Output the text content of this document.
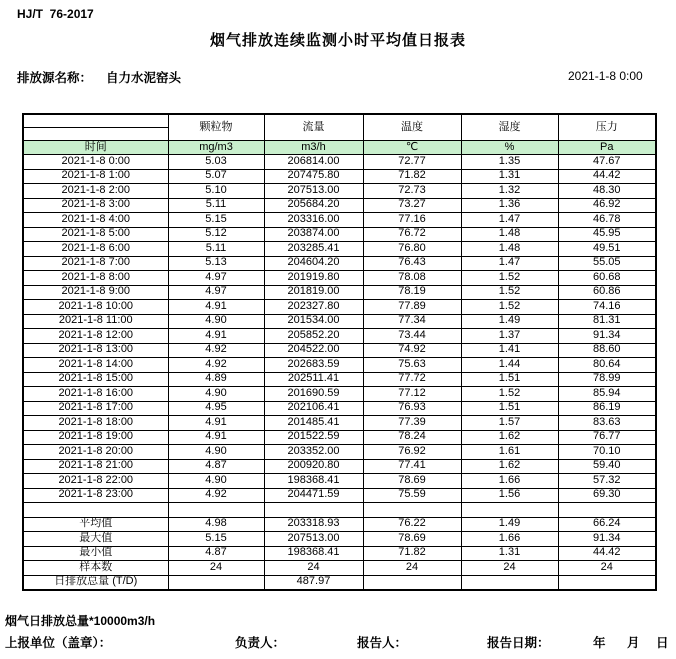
HJ/T  76-2017
烟气排放连续监测小时平均值日报表
排放源名称： 自力水泥窑头	2021-1-8 0:00
	颗粒物	流量	温度	湿度	压力

时间	mg/m3	m3/h	℃	%	Pa
2021-1-8 0:00	5.03	206814.00	72.77	1.35	47.67
2021-1-8 1:00	5.07	207475.80	71.82	1.31	44.42
2021-1-8 2:00	5.10	207513.00	72.73	1.32	48.30
2021-1-8 3:00	5.11	205684.20	73.27	1.36	46.92
2021-1-8 4:00	5.15	203316.00	77.16	1.47	46.78
2021-1-8 5:00	5.12	203874.00	76.72	1.48	45.95
2021-1-8 6:00	5.11	203285.41	76.80	1.48	49.51
2021-1-8 7:00	5.13	204604.20	76.43	1.47	55.05
2021-1-8 8:00	4.97	201919.80	78.08	1.52	60.68
2021-1-8 9:00	4.97	201819.00	78.19	1.52	60.86
2021-1-8 10:00	4.91	202327.80	77.89	1.52	74.16
2021-1-8 11:00	4.90	201534.00	77.34	1.49	81.31
2021-1-8 12:00	4.91	205852.20	73.44	1.37	91.34
2021-1-8 13:00	4.92	204522.00	74.92	1.41	88.60
2021-1-8 14:00	4.92	202683.59	75.63	1.44	80.64
2021-1-8 15:00	4.89	202511.41	77.72	1.51	78.99
2021-1-8 16:00	4.90	201690.59	77.12	1.52	85.94
2021-1-8 17:00	4.95	202106.41	76.93	1.51	86.19
2021-1-8 18:00	4.91	201485.41	77.39	1.57	83.63
2021-1-8 19:00	4.91	201522.59	78.24	1.62	76.77
2021-1-8 20:00	4.90	203352.00	76.92	1.61	70.10
2021-1-8 21:00	4.87	200920.80	77.41	1.62	59.40
2021-1-8 22:00	4.90	198368.41	78.69	1.66	57.32
2021-1-8 23:00	4.92	204471.59	75.59	1.56	69.30

平均值	4.98	203318.93	76.22	1.49	66.24
最大值	5.15	207513.00	78.69	1.66	91.34
最小值	4.87	198368.41	71.82	1.31	44.42
样本数	24	24	24	24	24
日排放总量 (T/D)		487.97			
烟气日排放总量*10000m3/h
上报单位（盖章）：	负责人：	报告人：	报告日期：	年 月 日
